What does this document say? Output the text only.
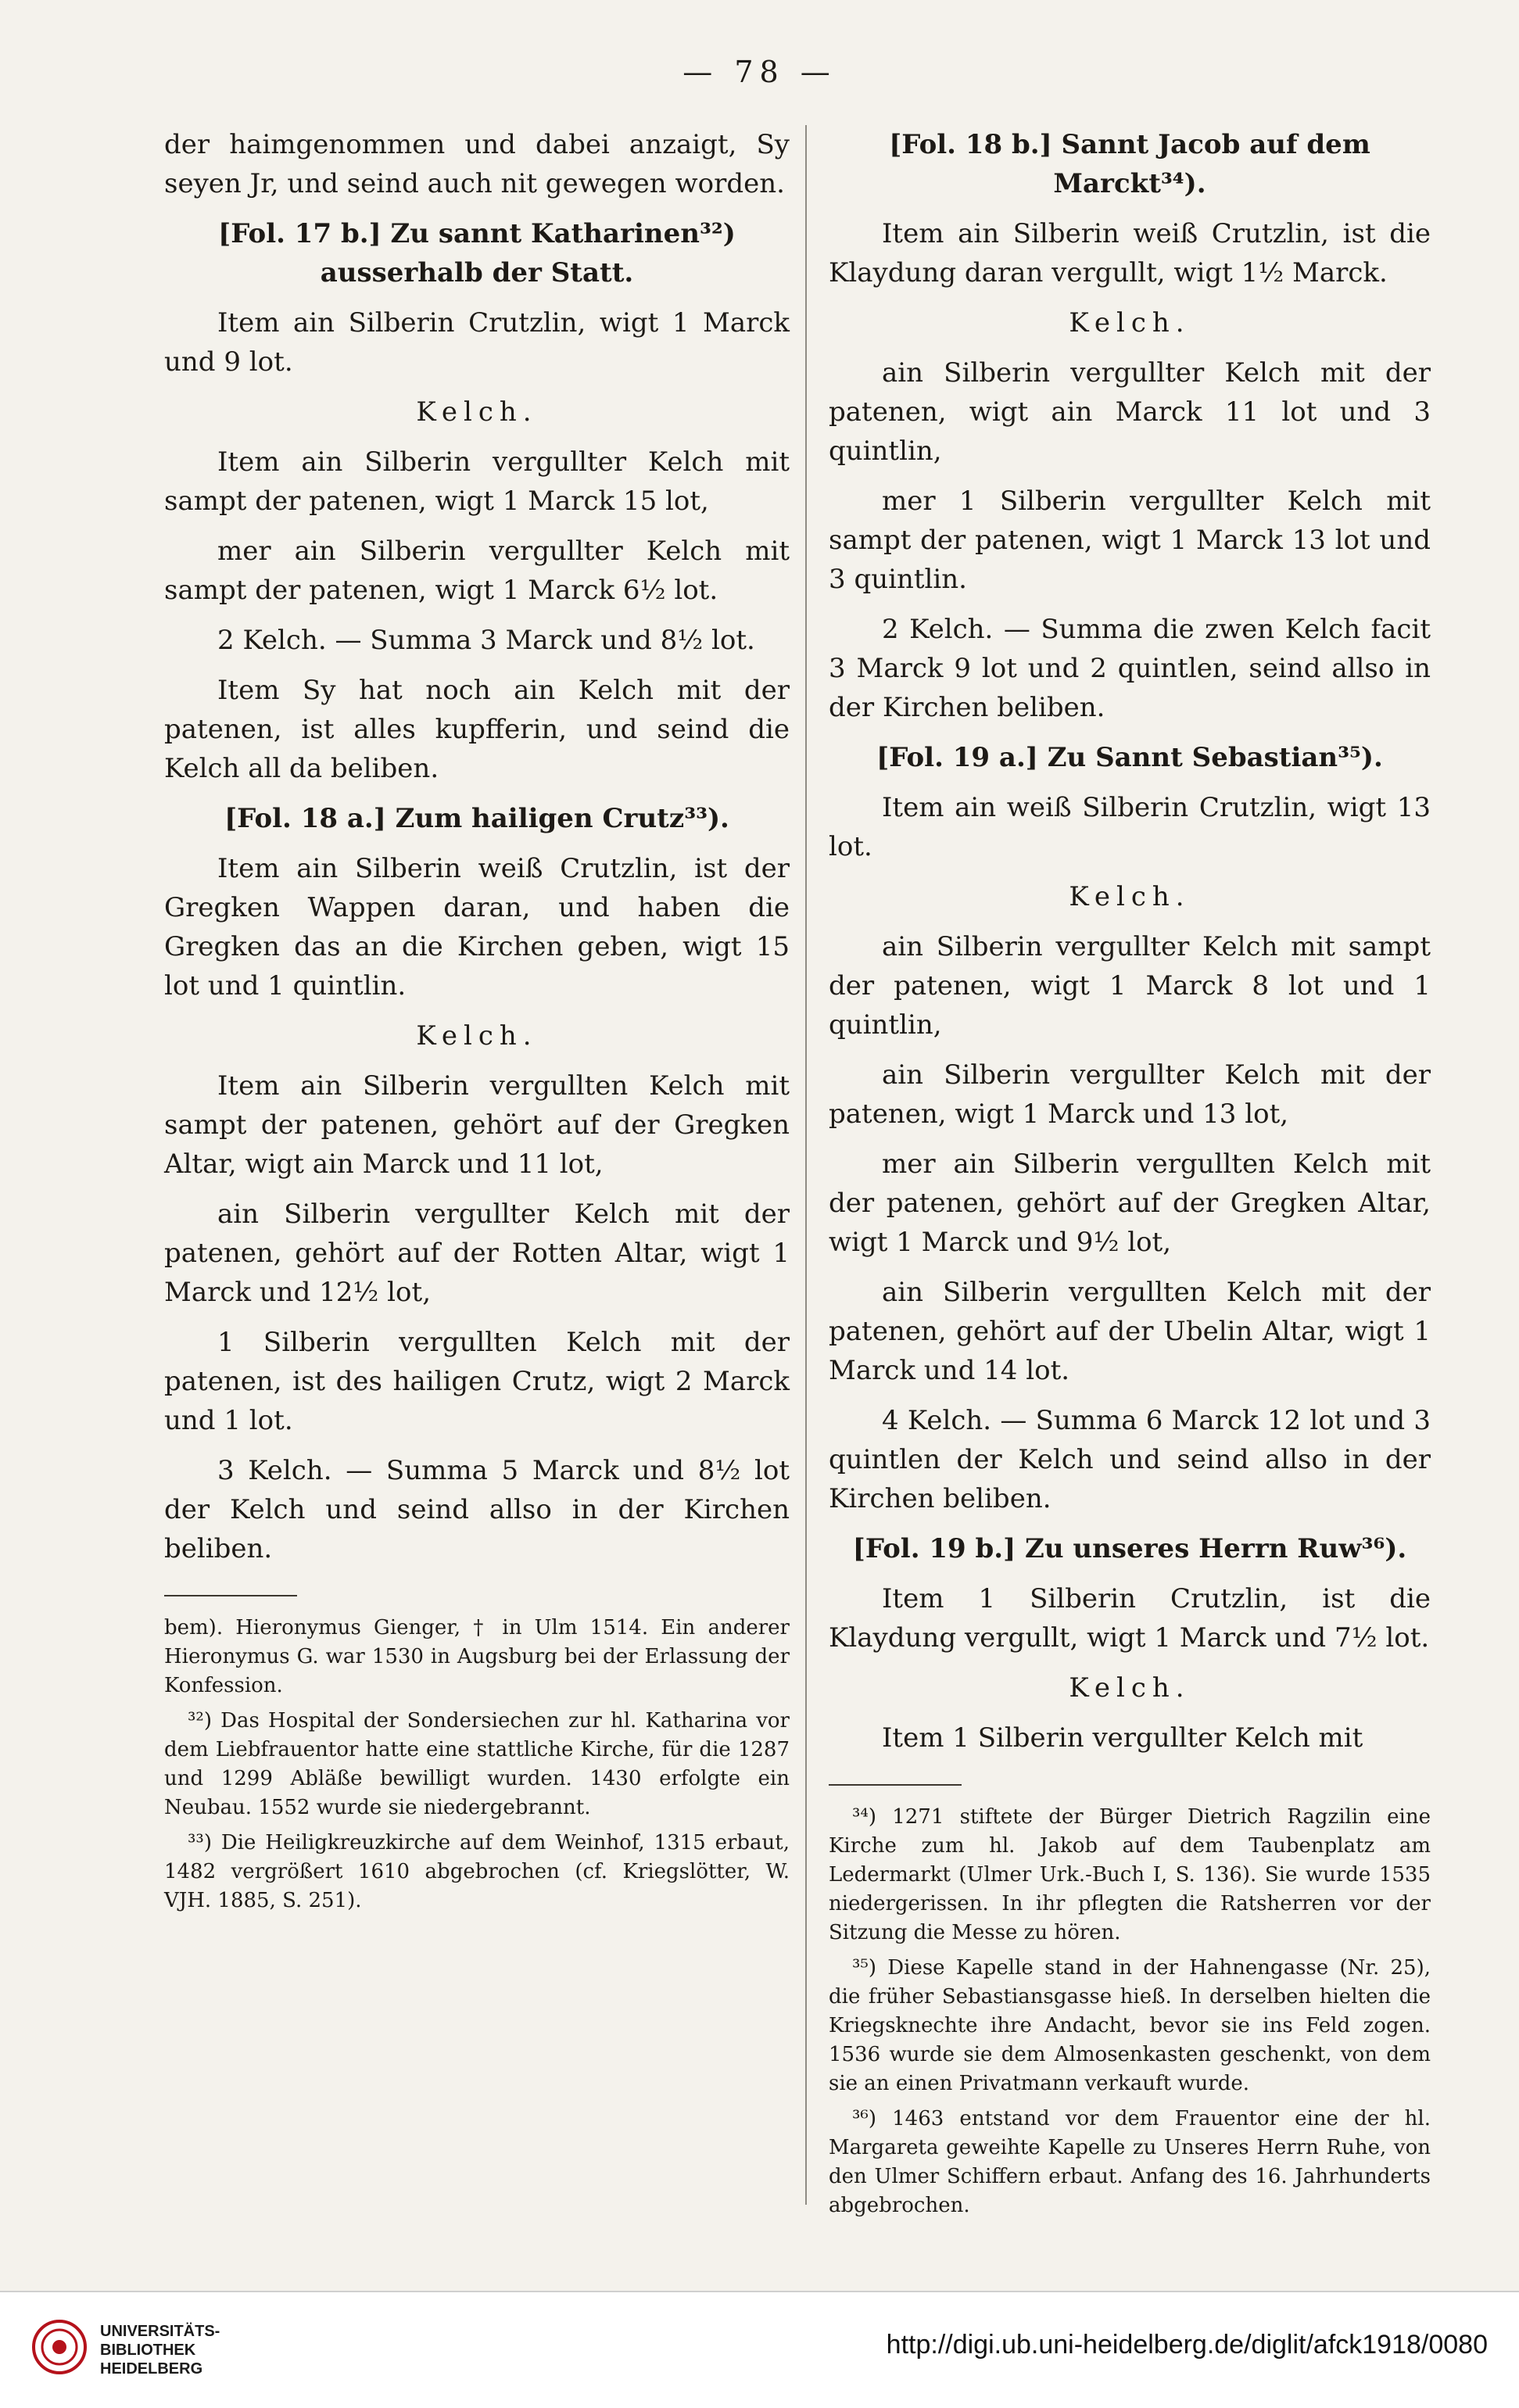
— 78 —

der haimgenommen und dabei anzaigt, Sy seyen Jr, und seind auch nit gewegen worden.

[Fol. 17 b.] Zu sannt Katharinen³²) ausserhalb der Statt.

Item ain Silberin Crutzlin, wigt 1 Marck und 9 lot.

Kelch.

Item ain Silberin vergullter Kelch mit sampt der patenen, wigt 1 Marck 15 lot,

mer ain Silberin vergullter Kelch mit sampt der patenen, wigt 1 Marck 6½ lot.

2 Kelch. — Summa 3 Marck und 8½ lot.

Item Sy hat noch ain Kelch mit der patenen, ist alles kupfferin, und seind die Kelch all da beliben.

[Fol. 18 a.] Zum hailigen Crutz³³).

Item ain Silberin weiß Crutzlin, ist der Gregken Wappen daran, und haben die Gregken das an die Kirchen geben, wigt 15 lot und 1 quintlin.

Kelch.

Item ain Silberin vergullten Kelch mit sampt der patenen, gehört auf der Gregken Altar, wigt ain Marck und 11 lot,

ain Silberin vergullter Kelch mit der patenen, gehört auf der Rotten Altar, wigt 1 Marck und 12½ lot,

1 Silberin vergullten Kelch mit der patenen, ist des hailigen Crutz, wigt 2 Marck und 1 lot.

3 Kelch. — Summa 5 Marck und 8½ lot der Kelch und seind allso in der Kirchen beliben.

bem). Hieronymus Gienger, † in Ulm 1514. Ein anderer Hieronymus G. war 1530 in Augsburg bei der Erlassung der Konfession.

³²) Das Hospital der Sondersiechen zur hl. Katharina vor dem Liebfrauentor hatte eine stattliche Kirche, für die 1287 und 1299 Abläße bewilligt wurden. 1430 erfolgte ein Neubau. 1552 wurde sie niedergebrannt.

³³) Die Heiligkreuzkirche auf dem Weinhof, 1315 erbaut, 1482 vergrößert 1610 abgebrochen (cf. Kriegslötter, W. VJH. 1885, S. 251).

[Fol. 18 b.] Sannt Jacob auf dem Marckt³⁴).

Item ain Silberin weiß Crutzlin, ist die Klaydung daran vergullt, wigt 1½ Marck.

Kelch.

ain Silberin vergullter Kelch mit der patenen, wigt ain Marck 11 lot und 3 quintlin,

mer 1 Silberin vergullter Kelch mit sampt der patenen, wigt 1 Marck 13 lot und 3 quintlin.

2 Kelch. — Summa die zwen Kelch facit 3 Marck 9 lot und 2 quintlen, seind allso in der Kirchen beliben.

[Fol. 19 a.] Zu Sannt Sebastian³⁵).

Item ain weiß Silberin Crutzlin, wigt 13 lot.

Kelch.

ain Silberin vergullter Kelch mit sampt der patenen, wigt 1 Marck 8 lot und 1 quintlin,

ain Silberin vergullter Kelch mit der patenen, wigt 1 Marck und 13 lot,

mer ain Silberin vergullten Kelch mit der patenen, gehört auf der Gregken Altar, wigt 1 Marck und 9½ lot,

ain Silberin vergullten Kelch mit der patenen, gehört auf der Ubelin Altar, wigt 1 Marck und 14 lot.

4 Kelch. — Summa 6 Marck 12 lot und 3 quintlen der Kelch und seind allso in der Kirchen beliben.

[Fol. 19 b.] Zu unseres Herrn Ruw³⁶).

Item 1 Silberin Crutzlin, ist die Klaydung vergullt, wigt 1 Marck und 7½ lot.

Kelch.

Item 1 Silberin vergullter Kelch mit

³⁴) 1271 stiftete der Bürger Dietrich Ragzilin eine Kirche zum hl. Jakob auf dem Taubenplatz am Ledermarkt (Ulmer Urk.-Buch I, S. 136). Sie wurde 1535 niedergerissen. In ihr pflegten die Ratsherren vor der Sitzung die Messe zu hören.

³⁵) Diese Kapelle stand in der Hahnengasse (Nr. 25), die früher Sebastiansgasse hieß. In derselben hielten die Kriegsknechte ihre Andacht, bevor sie ins Feld zogen. 1536 wurde sie dem Almosenkasten geschenkt, von dem sie an einen Privatmann verkauft wurde.

³⁶) 1463 entstand vor dem Frauentor eine der hl. Margareta geweihte Kapelle zu Unseres Herrn Ruhe, von den Ulmer Schiffern erbaut. Anfang des 16. Jahrhunderts abgebrochen.

UNIVERSITÄTS-
BIBLIOTHEK
HEIDELBERG
http://digi.ub.uni-heidelberg.de/diglit/afck1918/0080
